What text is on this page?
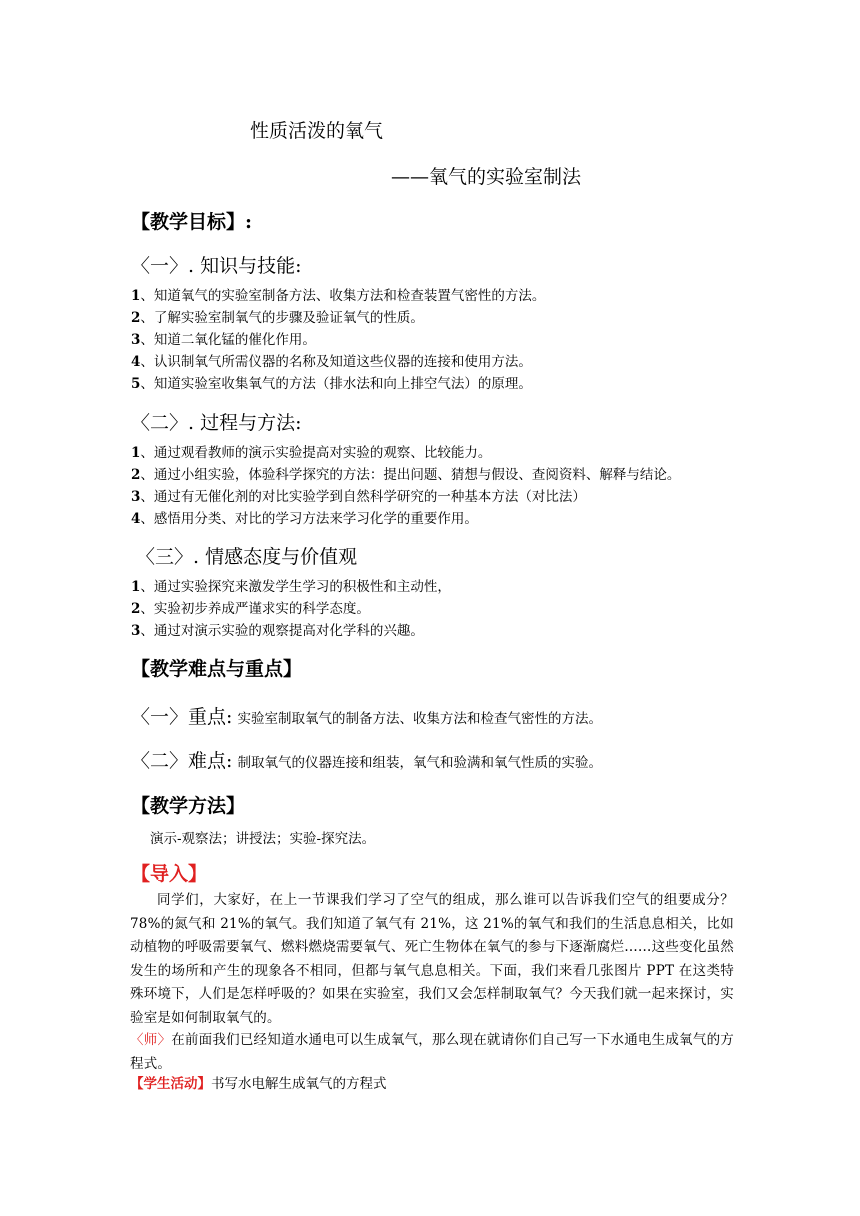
性质活泼的氧气
——氧气的实验室制法
【教学目标】:
〈一〉. 知识与技能:
1、知道氧气的实验室制备方法、收集方法和检查装置气密性的方法。
2、了解实验室制氧气的步骤及验证氧气的性质。
3、知道二氧化锰的催化作用。
4、认识制氧气所需仪器的名称及知道这些仪器的连接和使用方法。
5、知道实验室收集氧气的方法（排水法和向上排空气法）的原理。
〈二〉. 过程与方法:
1、通过观看教师的演示实验提高对实验的观察、比较能力。
2、通过小组实验，体验科学探究的方法：提出问题、猜想与假设、查阅资料、解释与结论。
3、通过有无催化剂的对比实验学到自然科学研究的一种基本方法（对比法）
4、感悟用分类、对比的学习方法来学习化学的重要作用。
〈三〉. 情感态度与价值观
1、通过实验探究来激发学生学习的积极性和主动性，
2、实验初步养成严谨求实的科学态度。
3、通过对演示实验的观察提高对化学科的兴趣。
【教学难点与重点】
〈一〉重点: 实验室制取氧气的制备方法、收集方法和检查气密性的方法。
〈二〉难点: 制取氧气的仪器连接和组装，氧气和验满和氧气性质的实验。
【教学方法】
演示-观察法；讲授法；实验-探究法。
【导入】
同学们，大家好，在上一节课我们学习了空气的组成，那么谁可以告诉我们空气的组要成分？78%的氮气和 21%的氧气。我们知道了氧气有 21%，这 21%的氧气和我们的生活息息相关，比如动植物的呼吸需要氧气、燃料燃烧需要氧气、死亡生物体在氧气的参与下逐渐腐烂……这些变化虽然发生的场所和产生的现象各不相同，但都与氧气息息相关。下面，我们来看几张图片 PPT 在这类特殊环境下，人们是怎样呼吸的？如果在实验室，我们又会怎样制取氧气？今天我们就一起来探讨，实验室是如何制取氧气的。
〈师〉在前面我们已经知道水通电可以生成氧气，那么现在就请你们自己写一下水通电生成氧气的方程式。
【学生活动】书写水电解生成氧气的方程式
